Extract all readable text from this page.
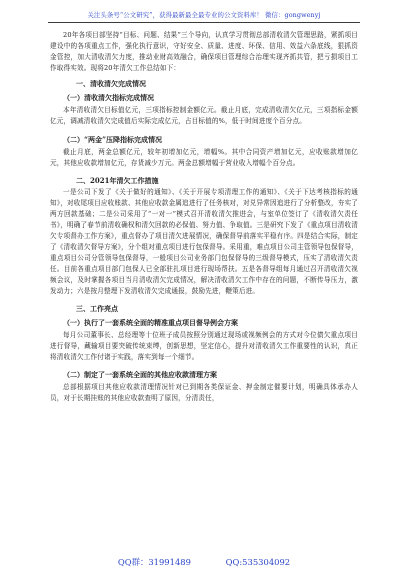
关注头条号“公文研究”，获得最新最全最专业的公文资料库！ 微信：gongwenyj

20年各项目部坚持“目标、问题、结果”三个导向，认真学习贯彻总部清收清欠管理思路，紧抓项目建设中的各项重点工作，强化执行意识，守好安全、质量、进度、环保、信用、效益六条底线，狠抓资金管控，加大清收清欠力度，推动业财高效融合，确保项目管理综合治理实现齐抓共管，把亏损项目工作取得实效。现将20年清欠工作总结如下：

一、清收清欠完成情况

（一）清收清欠指标完成情况

本年清收清欠目标值亿元，三项指标控制金额亿元。截止月底，完成清收清欠亿元，三项指标金额亿元，调减清收清欠完成值后实际完成亿元，占目标值的%，低于时间进度个百分点。

（二）“两金”压降指标完成情况

截止月底，两金总额亿元，较年初增加亿元，增幅%。其中合同资产增加亿元，应收账款增加亿元，其他应收款增加亿元，存货减少万元。两金总额增幅于营业收入增幅个百分点。

二、2021年清欠工作措施

一是公司下发了《关于做好的通知》、《关于开展专项清理工作的通知》、《关于下达考核指标的通知》，对收尾项目应收账款、其他应收款金属追进行了任务核对，对兑异常因追进行了分析整改，夯实了两方回款基础；二是公司采用了“一对一”模式召开清收清欠推进会，与室单位签订了《清收清欠责任书》，明确了春节前清收确权和清欠回款的必保值、努力值、争取值。三是研究下发了《重点项目清收清欠专项督办工作方案》，重点督办了项目清欠进展情况，确保督导前落实平稳有序。四是结合实际，制定了《清收清欠督导方案》，分个组对重点项目进行包保督导。采用重，难点项目公司主管领导包保督导，重点项目公司分管领导包保督导，一般项目公司业务部门包保督导的三级督导模式，压实了清收清欠责任。目前各重点项目部门包保人已全部驻扎项目进行现场帮扶。五是各督导组每月通过召开清收清欠视频会议，及时掌握各项目当月清收清欠完成情况，解决清收清欠工作中存在的问题，不断传导压力，激发动力；六是按月整理下发清收清欠完成通报，鼓励先进，鞭策后进。

三、工作亮点

（一）执行了一套系统全面的精准重点项目督导例会方案

每月公司董事长、总经理等十位班子成员按照分别通过现场或视频例会的方式对今位债欠重点项目进行督导，藏输项目要突破传统束缚，创新思想，坚定信心，提升对清收清欠工作重要性的认识，真正将清收清欠工作付诸于实践，落实到每一个细节。

（二）制定了一套系统全面的其他应收款清理方案

总部根据项目其他应收款清理情况针对已到期各类保证金、押金制定催要计划，明确具体承办人员，对于长期挂账的其他应收款查明了原因，分清责任，

QQ群：31991489	QQ:535304092
